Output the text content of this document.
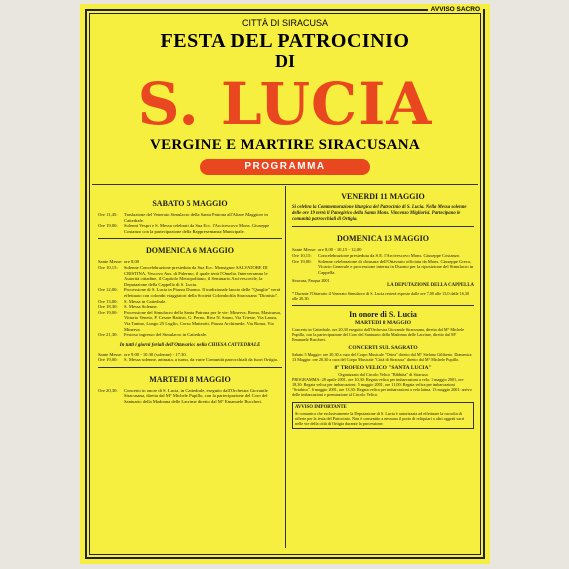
AVVISO SACRO
CITTÀ DI SIRACUSA
FESTA DEL PATROCINIO
DI
S. LUCIA
VERGINE E MARTIRE SIRACUSANA
PROGRAMMA
SABATO 5 MAGGIO
Ore 11,45:	Traslazione del Venerato Simulacro della Santa Patrona all'Altare Maggiore in Cattedrale.
Ore 19,00:	Solenni Vespri e S. Messa celebrati da Sua Ecc. l'Arcivescovo Mons. Giuseppe Costanzo con la partecipazione della Rappresentanza Municipale.
DOMENICA 6 MAGGIO
Sante Messe: ore 8,00
Ore 10,15:	Solenne Concelebrazione presieduta da Sua Ecc. Monsignor SALVATORE DI CRISTINA, Vescovo Aus. di Palermo, il quale terrà l'Omelia. Interverranno le Autorità cittadine, il Capitolo Metropolitano, il Seminario Arcivescovile, la Deputazione della Cappella di S. Lucia.
Ore 12,00:	Processione di S. Lucia in Piazza Duomo. Il tradizionale lancio delle "Quaglie" verrà effettuato con colombi viaggiatori della Società Colombofila Siracusana "Dionisio".
Ore 13,00:	S. Messa in Cattedrale.
Ore 18,30:	S. Messa Solenne.
Ore 19,00:	Processione del Simulacro della Santa Patrona per le vie: Minerva, Roma, Mastrarua, Vittorio Veneto, P. Cesare Battisti, G. Perno, Riva N. Sauro, Via Trieste, Via Lanza, Via Tanino, Lungo 25 Luglio, Corso Matteotti, Piazza Archimede, Via Roma, Via Minerva.
Ore 21,30:	Festoso ingresso del Simulacro in Cattedrale.
In tutti i giorni feriali dell'Ottavario: nella CHIESA CATTEDRALE
Sante Messe: ore 9.00 - 10.30 (solenne) - 17.30.
Ore 19,00:	S. Messa solenne, animata, a turno, da varie Comunità parrocchiali da fuori Ortigia.
MARTEDI 8 MAGGIO
Ore 20,30:	Concerto in onore di S. Lucia, in Cattedrale, eseguito dall'Orchestra Giovanile Siracusana, diretta dal M° Michele Pupillo, con la partecipazione del Coro del Santuario della Madonna delle Lacrime diretto dal M° Emanuele Buccheri.
VENERDI 11 MAGGIO
Si celebra la Commemorazione liturgica del Patrocinio di S. Lucia. Nella Messa solenne delle ore 19 terrà il Panegirico della Santa Mons. Vincenzo Migliorisi. Partecipano le comunità parrocchiali di Ortigia.
DOMENICA 13 MAGGIO
Sante Messe: ore 8,00 - 10,15 - 12,00
Ore 10,15:	Concelebrazione presieduta da S.E. l'Arcivescovo Mons. Giuseppe Costanzo.
Ore 19,00:	Solenne celebrazione di chiusura dell'Ottavario officiata da Mons. Giuseppe Greco, Vicario Generale e processione interna in Duomo per la riposizione del Simulacro in Cappella.
Siracusa, Pasqua 2001
LA DEPUTAZIONE DELLA CAPPELLA
* Durante l'Ottavario il Venerato Simulacro di S. Lucia resterà esposto dalle ore 7,00 alle 13,0 dalle 16,30 alle 20,30.
In onore di S. Lucia
MARTEDI 8 MAGGIO
Concerto in Cattedrale, ore 20,30 eseguito dall'Orchestra Giovanile Siracusana, diretta dal M° Michele Pupillo, con la partecipazione del Coro del Santuario della Madonna delle Lacrime, diretto dal M° Emanuele Buccheri.
CONCERTI SUL SAGRATO
Sabato 5 Maggio: ore 20,30 a cura del Corpo Musicale "Ortea" diretto dal M° Stefano Giliberto. Domenica 13 Maggio: ore 20,30 a cura del Corpo Musicale "Città di Siracusa" diretto dal M° Michele Pupillo.
8° TROFEO VELICO "SANTA LUCIA"
Organizzato dal Circolo Velico "Bibbitta" di Siracusa
PROGRAMMA: 28 aprile 2001, ore 10,30: Regata velica per imbarcazioni a vela. 1 maggio 2001, ore 18,30: Regata velica per imbarcazioni. 5 maggio 2001, ore 11,00: Regata velica per imbarcazioni "Sciabica". 6 maggio 2001, ore 13,30: Regata velica per imbarcazioni a vela latina. 13 maggio 2001: arrivo delle imbarcazioni e premiazione al Circolo Velico.
AVVISO IMPORTANTE
Si comunica che esclusivamente la Deputazione di S. Lucia è autorizzata ad effettuare la raccolta di offerte per la festa del Patrocinio. Non è consentito a nessuno il porto di reliquiari o altri oggetti sacri nelle vie della città di Ortigia durante la processione.
